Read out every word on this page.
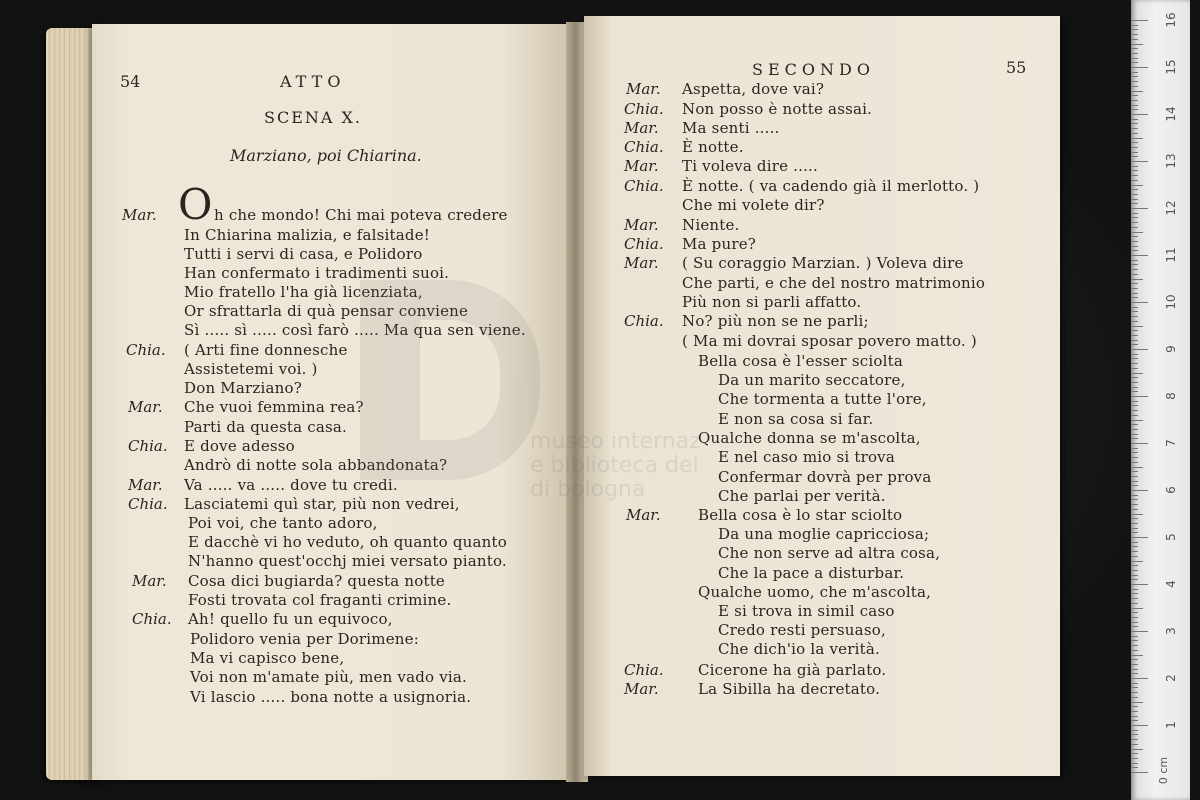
1
2
3
4
5
6
7
8
9
10
11
12
13
14
15
16
0 cm
54	ATTO
SCENA X.
Marziano, poi Chiarina.
O h che mondo! Chi mai poteva credere
In Chiarina malizia, e falsitade!
Tutti i servi di casa, e Polidoro
Han confermato i tradimenti suoi.
Mio fratello l'ha già licenziata,
Or sfrattarla di quà pensar conviene
Sì ..... sì ..... così farò ..... Ma qua sen viene.
( Arti fine donnesche
Assistetemi voi. )
Don Marziano?
Che vuoi femmina rea?
Parti da questa casa.
E dove adesso
Andrò di notte sola abbandonata?
Va ..... va ..... dove tu credi.
Lasciatemi quì star, più non vedrei,
Poi voi, che tanto adoro,
E dacchè vi ho veduto, oh quanto quanto
N'hanno quest'occhj miei versato pianto.
Cosa dici bugiarda? questa notte
Fosti trovata col fraganti crimine.
Ah! quello fu un equivoco,
Polidoro venia per Dorimene:
Ma vi capisco bene,
Voi non m'amate più, men vado via.
Vi lascio ..... bona notte a usignoria.
Mar.
Chia.
Mar.
Chia.
Mar.
Chia.
Mar.
Chia.
SECONDO	55
Aspetta, dove vai?
Non posso è notte assai.
Ma senti .....
È notte.
Ti voleva dire .....
È notte. ( va cadendo già il merlotto. )
Che mi volete dir?
Niente.
Ma pure?
( Su coraggio Marzian. ) Voleva dire
Che parti, e che del nostro matrimonio
Più non si parli affatto.
No? più non se ne parli;
( Ma mi dovrai sposar povero matto. )
Bella cosa è l'esser sciolta
Da un marito seccatore,
Che tormenta a tutte l'ore,
E non sa cosa si far.
Qualche donna se m'ascolta,
E nel caso mio si trova
Confermar dovrà per prova
Che parlai per verità.
Bella cosa è lo star sciolto
Da una moglie capricciosa;
Che non serve ad altra cosa,
Che la pace a disturbar.
Qualche uomo, che m'ascolta,
E si trova in simil caso
Credo resti persuaso,
Che dich'io la verità.
Cicerone ha già parlato.
La Sibilla ha decretato.
Mar.
Chia.
Mar.
Chia.
Mar.
Chia.
Mar.
Chia.
Mar.
Chia.
Mar.
Chia.
Mar.
